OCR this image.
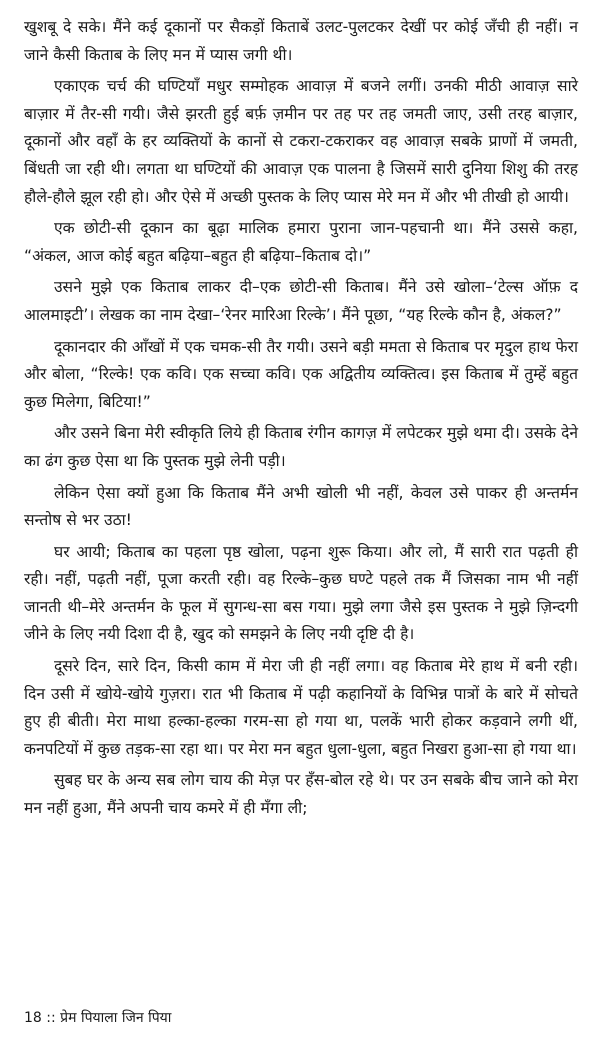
खुशबू दे सके। मैंने कई दूकानों पर सैकड़ों किताबें उलट-पुलटकर देखीं पर कोई जँची ही नहीं। न जाने कैसी किताब के लिए मन में प्यास जगी थी।

एकाएक चर्च की घण्टियाँ मधुर सम्मोहक आवाज़ में बजने लगीं। उनकी मीठी आवाज़ सारे बाज़ार में तैर-सी गयी। जैसे झरती हुई बर्फ़ ज़मीन पर तह पर तह जमती जाए, उसी तरह बाज़ार, दूकानों और वहाँ के हर व्यक्तियों के कानों से टकरा-टकराकर वह आवाज़ सबके प्राणों में जमती, बिंधती जा रही थी। लगता था घण्टियों की आवाज़ एक पालना है जिसमें सारी दुनिया शिशु की तरह हौले-हौले झूल रही हो। और ऐसे में अच्छी पुस्तक के लिए प्यास मेरे मन में और भी तीखी हो आयी।

एक छोटी-सी दूकान का बूढ़ा मालिक हमारा पुराना जान-पहचानी था। मैंने उससे कहा, “अंकल, आज कोई बहुत बढ़िया–बहुत ही बढ़िया–किताब दो।”

उसने मुझे एक किताब लाकर दी–एक छोटी-सी किताब। मैंने उसे खोला–‘टेल्स ऑफ़ द आलमाइटी’। लेखक का नाम देखा–‘रेनर मारिआ रिल्के’। मैंने पूछा, “यह रिल्के कौन है, अंकल?”

दूकानदार की आँखों में एक चमक-सी तैर गयी। उसने बड़ी ममता से किताब पर मृदुल हाथ फेरा और बोला, “रिल्के! एक कवि। एक सच्चा कवि। एक अद्वितीय व्यक्तित्व। इस किताब में तुम्हें बहुत कुछ मिलेगा, बिटिया!”

और उसने बिना मेरी स्वीकृति लिये ही किताब रंगीन कागज़ में लपेटकर मुझे थमा दी। उसके देने का ढंग कुछ ऐसा था कि पुस्तक मुझे लेनी पड़ी।

लेकिन ऐसा क्यों हुआ कि किताब मैंने अभी खोली भी नहीं, केवल उसे पाकर ही अन्तर्मन सन्तोष से भर उठा!

घर आयी; किताब का पहला पृष्ठ खोला, पढ़ना शुरू किया। और लो, मैं सारी रात पढ़ती ही रही। नहीं, पढ़ती नहीं, पूजा करती रही। वह रिल्के–कुछ घण्टे पहले तक मैं जिसका नाम भी नहीं जानती थी–मेरे अन्तर्मन के फूल में सुगन्ध-सा बस गया। मुझे लगा जैसे इस पुस्तक ने मुझे ज़िन्दगी जीने के लिए नयी दिशा दी है, खुद को समझने के लिए नयी दृष्टि दी है।

दूसरे दिन, सारे दिन, किसी काम में मेरा जी ही नहीं लगा। वह किताब मेरे हाथ में बनी रही। दिन उसी में खोये-खोये गुज़रा। रात भी किताब में पढ़ी कहानियों के विभिन्न पात्रों के बारे में सोचते हुए ही बीती। मेरा माथा हल्का-हल्का गरम-सा हो गया था, पलकें भारी होकर कड़वाने लगी थीं, कनपटियों में कुछ तड़क-सा रहा था। पर मेरा मन बहुत धुला-धुला, बहुत निखरा हुआ-सा हो गया था।

सुबह घर के अन्य सब लोग चाय की मेज़ पर हँस-बोल रहे थे। पर उन सबके बीच जाने को मेरा मन नहीं हुआ, मैंने अपनी चाय कमरे में ही मँगा ली;

18 :: प्रेम पियाला जिन पिया
